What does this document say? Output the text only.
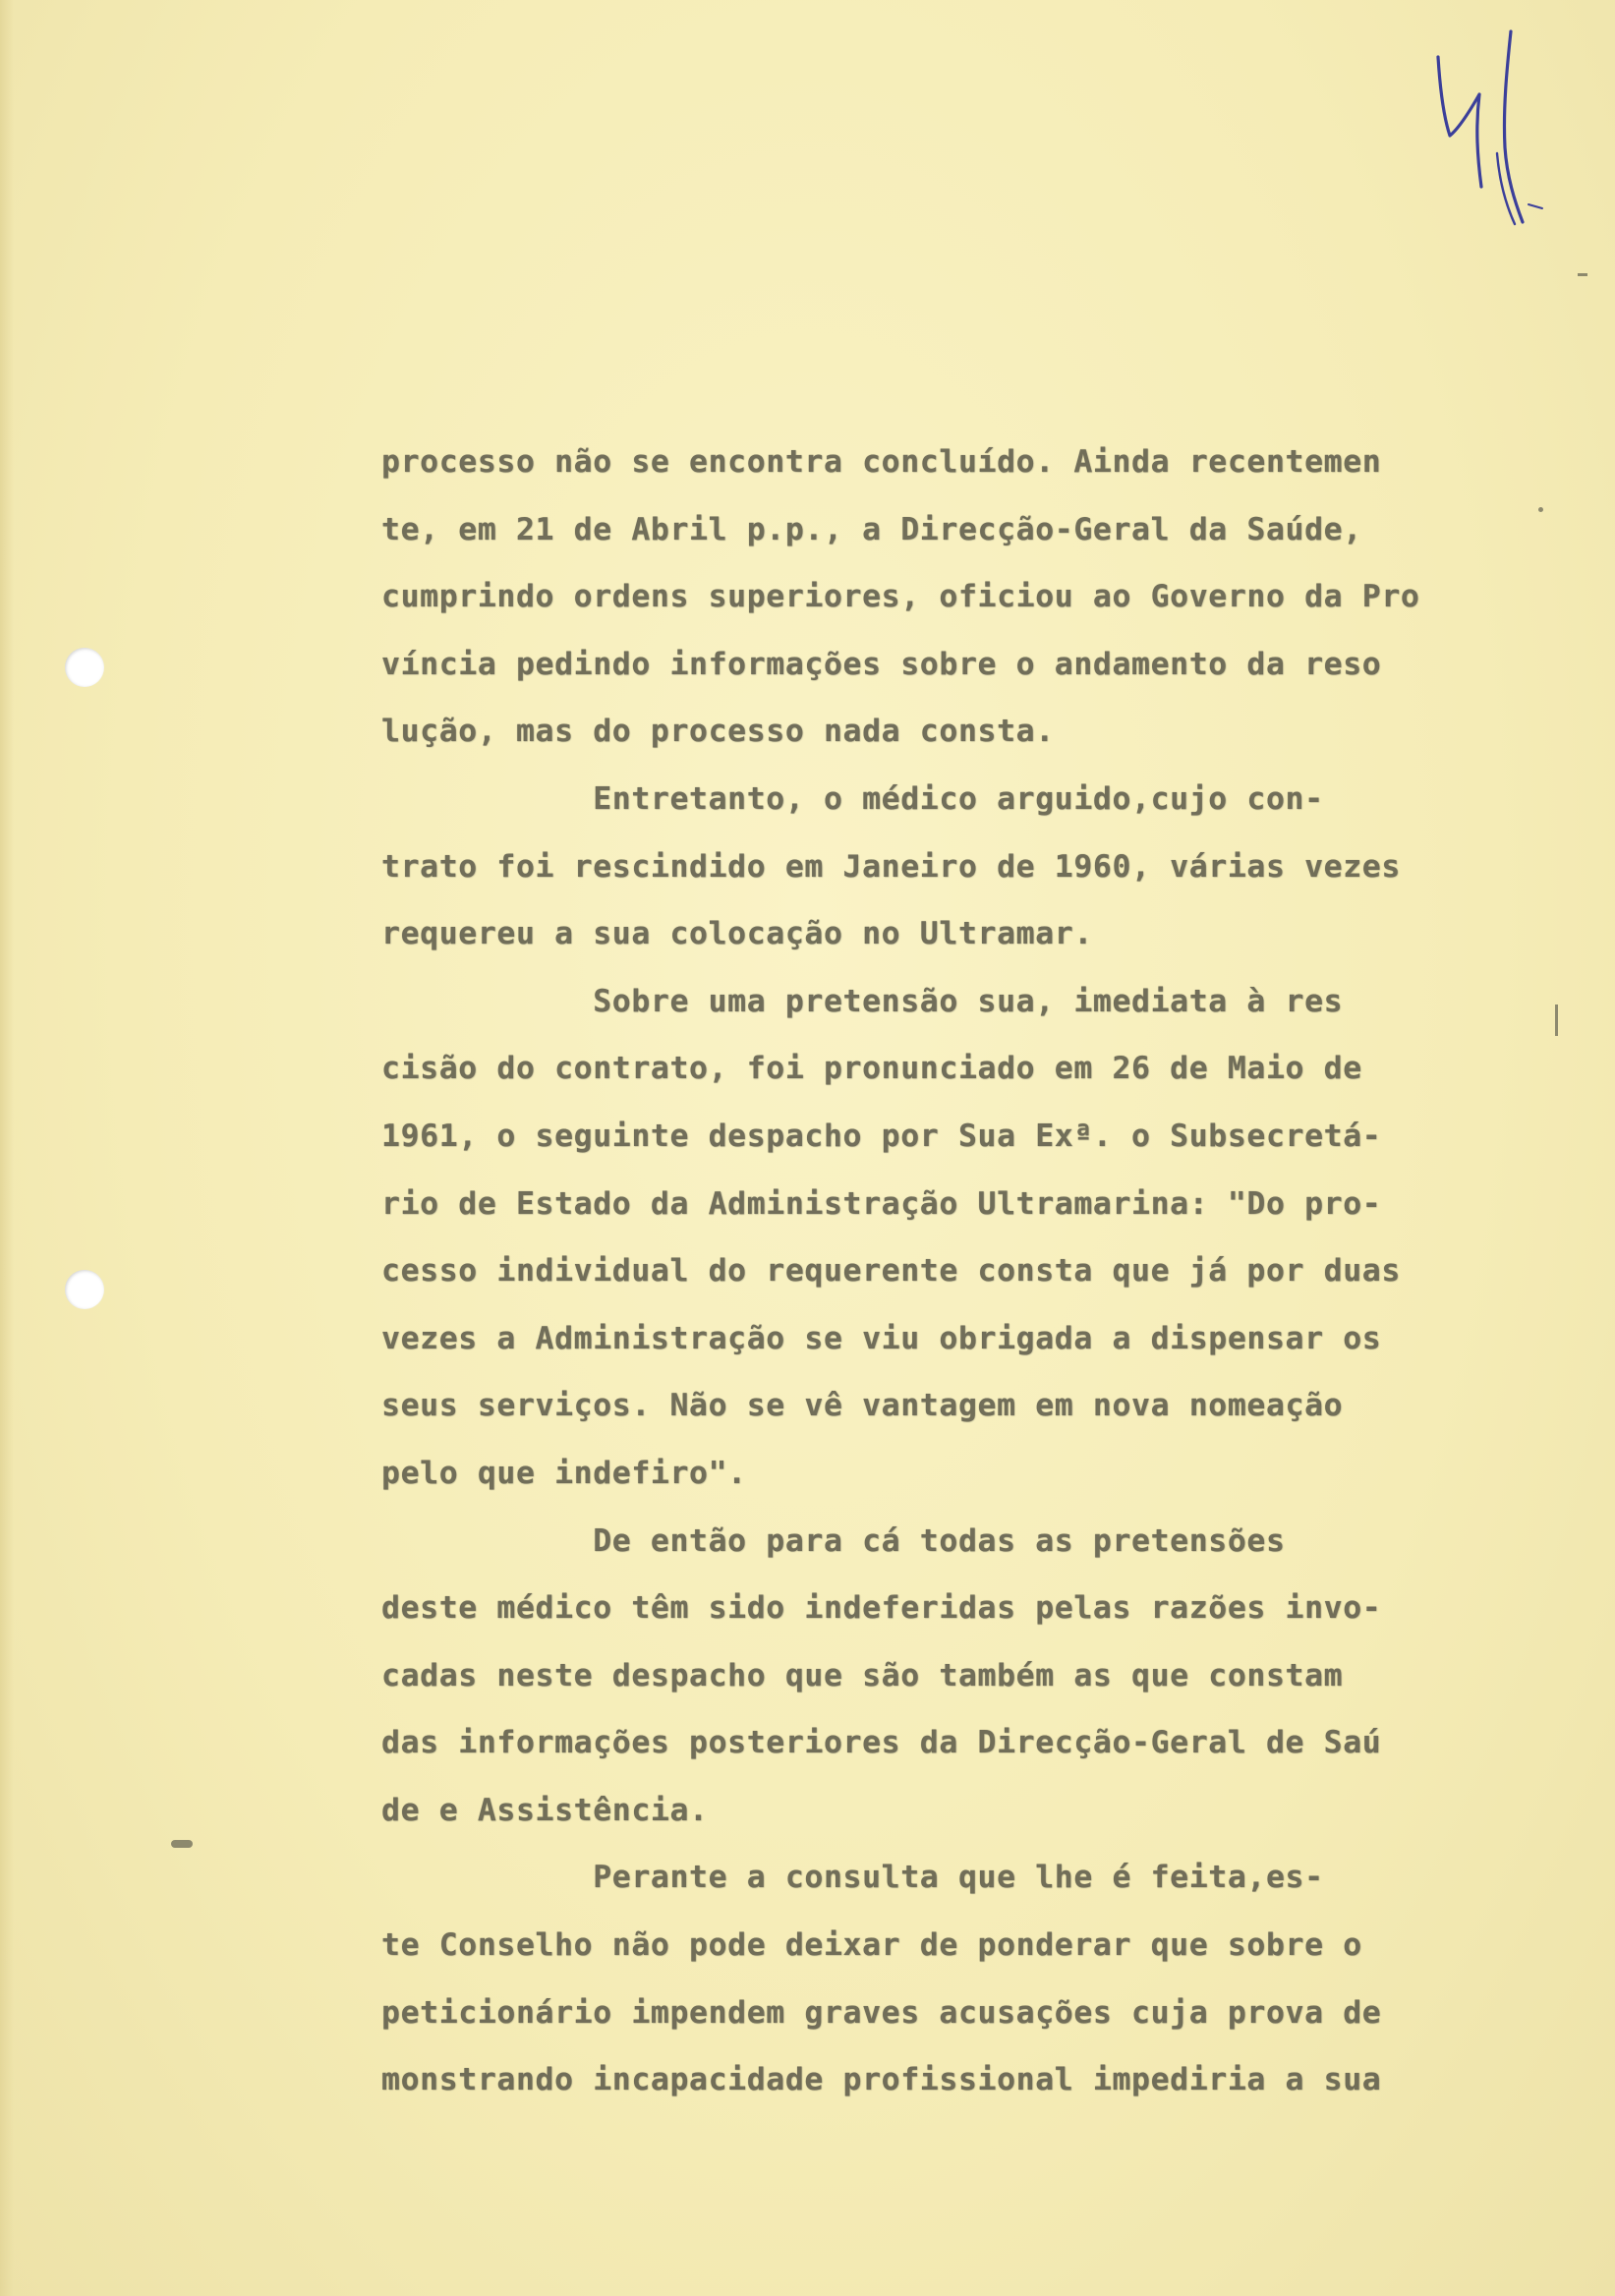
processo não se encontra concluído. Ainda recentemen
te, em 21 de Abril p.p., a Direcção-Geral da Saúde,
cumprindo ordens superiores, oficiou ao Governo da Pro
víncia pedindo informações sobre o andamento da reso
lução, mas do processo nada consta.
Entretanto, o médico arguido,cujo con-
trato foi rescindido em Janeiro de 1960, várias vezes
requereu a sua colocação no Ultramar.
Sobre uma pretensão sua, imediata à res
cisão do contrato, foi pronunciado em 26 de Maio de
1961, o seguinte despacho por Sua Exª. o Subsecretá-
rio de Estado da Administração Ultramarina: "Do pro-
cesso individual do requerente consta que já por duas
vezes a Administração se viu obrigada a dispensar os
seus serviços. Não se vê vantagem em nova nomeação
pelo que indefiro".
De então para cá todas as pretensões
deste médico têm sido indeferidas pelas razões invo-
cadas neste despacho que são também as que constam
das informações posteriores da Direcção-Geral de Saú
de e Assistência.
Perante a consulta que lhe é feita,es-
te Conselho não pode deixar de ponderar que sobre o
peticionário impendem graves acusações cuja prova de
monstrando incapacidade profissional impediria a sua
